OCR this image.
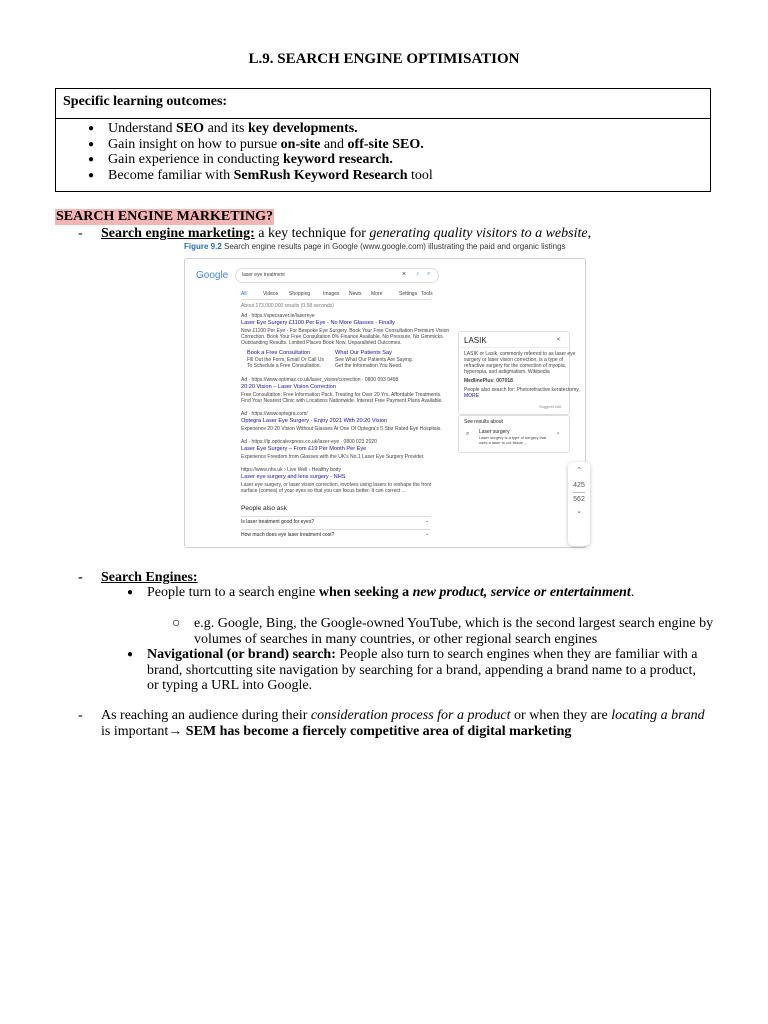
L.9. SEARCH ENGINE OPTIMISATION
Specific learning outcomes:
● Understand SEO and its key developments.
● Gain insight on how to pursue on-site and off-site SEO.
● Gain experience in conducting keyword research.
● Become familiar with SemRush Keyword Research tool
SEARCH ENGINE MARKETING?
- Search engine marketing: a key technique for generating quality visitors to a website,
Figure 9.2 Search engine results page in Google (www.google.com) illustrating the paid and organic listings
Google	laser eye treatment	× ♪ ⌕
All	Videos Shopping	Images News More	Settings Tools
About 173,000,000 results (0.58 seconds)
Ad · https://specsaver.ie/lasereye
Laser Eye Surgery £1100 Per Eye - No More Glasses - Finally
Now £1100 Per Eye - For Bespoke Eye Surgery. Book Your Free Consultation Premium Vision
Correction. Book Your Free Consultation 0% Finance Available. No Pressure, No Gimmicks.
Outstanding Results. Limited Places Book Now. Unparalleled Outcomes.
Book a Free Consultation
Fill Out the Form, Email Or Call Us
To Schedule a Free Consultation.
What Our Patients Say
See What Our Patients Are Saying.
Get the Information You Need.
Ad · https://www.optimax.co.uk/laser_vision/correction · 0800 093 0498
20:20 Vision – Laser Vision Correction
Free Consultation. Free Information Pack. Treating for Over 20 Yrs. Affordable Treatments.
Find Your Nearest Clinic with Locations Nationwide. Interest Free Payment Plans Available.
Ad · https://www.optegra.com/
Optegra Laser Eye Surgery - Enjoy 2021 With 20:20 Vision
Experience 20:20 Vision Without Glasses At One Of Optegra's 5 Star Rated Eye Hospitals.
Ad · https://lp.opticalexpress.co.uk/laser-eye · 0800 023 2020
Laser Eye Surgery – From £19 Per Month Per Eye
Experience Freedom from Glasses with the UK's No.1 Laser Eye Surgery Provider.
https://www.nhs.uk › Live Well › Healthy body
Laser eye surgery and lens surgery - NHS
Laser eye surgery, or laser vision correction, involves using lasers to reshape the front
surface (cornea) of your eyes so that you can focus better. It can correct ...
People also ask
Is laser treatment good for eyes?	⌄
How much does eye laser treatment cost?	⌄
LASIK	<
LASIK or Lasik, commonly referred to as laser eye
surgery or laser vision correction, is a type of
refractive surgery for the correction of myopia,
hyperopia, and astigmatism. Wikipedia
MedlinePlus: 007018
People also search for: Photorefractive keratectomy,
MORE
Suggest edit
See results about
⌕ Laser surgery
Laser surgery is a type of surgery that
uses a laser to cut tissue ...
›
⌃
425
562
⌄
- Search Engines:
● People turn to a search engine when seeking a new product, service or entertainment.
○ e.g. Google, Bing, the Google-owned YouTube, which is the second largest search engine by volumes of searches in many countries, or other regional search engines
● Navigational (or brand) search: People also turn to search engines when they are familiar with a brand, shortcutting site navigation by searching for a brand, appending a brand name to a product, or typing a URL into Google.
- As reaching an audience during their consideration process for a product or when they are locating a brand is important→ SEM has become a fiercely competitive area of digital marketing
